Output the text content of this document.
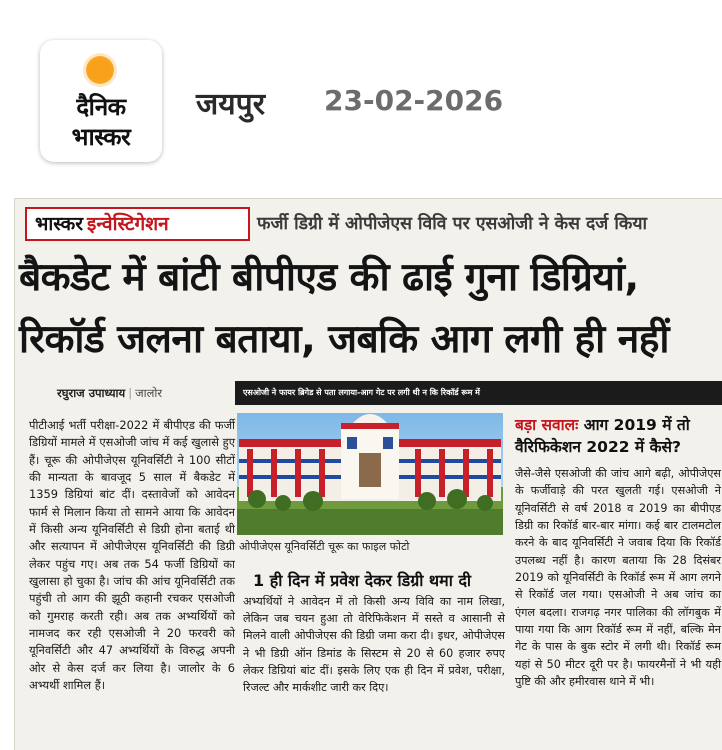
दैनिक
भास्कर
जयपुर 23-02-2026
भास्कर इन्वेस्टिगेशन	फर्जी डिग्री में ओपीजेएस विवि पर एसओजी ने केस दर्ज किया
बैकडेट में बांटी बीपीएड की ढाई गुना डिग्रियां,
रिकॉर्ड जलना बताया, जबकि आग लगी ही नहीं
रघुराज उपाध्याय | जालोर	एसओजी ने फायर ब्रिगेड से पता लगाया-आग गेट पर लगी थी न कि रिकॉर्ड रूम में

पीटीआई भर्ती परीक्षा-2022 में बीपीएड की फर्जी डिग्रियों मामले में एसओजी जांच में कई खुलासे हुए हैं। चूरू की ओपीजेएस यूनिवर्सिटी ने 100 सीटों की मान्यता के बावजूद 5 साल में बैकडेट में 1359 डिग्रियां बांट दीं। दस्तावेजों को आवेदन फार्म से मिलान किया तो सामने आया कि आवेदन में किसी अन्य यूनिवर्सिटी से डिग्री होना बताई थी और सत्यापन में ओपीजेएस यूनिवर्सिटी की डिग्री लेकर पहुंच गए। अब तक 54 फर्जी डिग्रियों का खुलासा हो चुका है। जांच की आंच यूनिवर्सिटी तक पहुंची तो आग की झूठी कहानी रचकर एसओजी को गुमराह करती रही। अब तक अभ्यर्थियों को नामजद कर रही एसओजी ने 20 फरवरी को यूनिवर्सिटी और 47 अभ्यर्थियों के विरुद्ध अपनी ओर से केस दर्ज कर लिया है। जालोर के 6 अभ्यर्थी शामिल हैं।

ओपीजेएस यूनिवर्सिटी चूरू का फाइल फोटो
1 ही दिन में प्रवेश देकर डिग्री थमा दी
अभ्यर्थियों ने आवेदन में तो किसी अन्य विवि का नाम लिखा, लेकिन जब चयन हुआ तो वेरिफिकेशन में सस्ते व आसानी से मिलने वाली ओपीजेएस की डिग्री जमा करा दी। इधर, ओपीजेएस ने भी डिग्री ऑन डिमांड के सिस्टम से 20 से 60 हजार रुपए लेकर डिग्रियां बांट दीं। इसके लिए एक ही दिन में प्रवेश, परीक्षा, रिजल्ट और मार्कशीट जारी कर दिए।
बड़ा सवालः आग 2019 में तो वैरिफिकेशन 2022 में कैसे?
जैसे-जैसे एसओजी की जांच आगे बढ़ी, ओपीजेएस के फर्जीवाड़े की परत खुलती गई। एसओजी ने यूनिवर्सिटी से वर्ष 2018 व 2019 का बीपीएड डिग्री का रिकॉर्ड बार-बार मांगा। कई बार टालमटोल करने के बाद यूनिवर्सिटी ने जवाब दिया कि रिकॉर्ड उपलब्ध नहीं है। कारण बताया कि 28 दिसंबर 2019 को यूनिवर्सिटी के रिकॉर्ड रूम में आग लगने से रिकॉर्ड जल गया। एसओजी ने अब जांच का एंगल बदला। राजगढ़ नगर पालिका की लॉगबुक में पाया गया कि आग रिकॉर्ड रूम में नहीं, बल्कि मेन गेट के पास के बुक स्टोर में लगी थी। रिकॉर्ड रूम यहां से 50 मीटर दूरी पर है। फायरमैनों ने भी यही पुष्टि की और हमीरवास थाने में भी।
